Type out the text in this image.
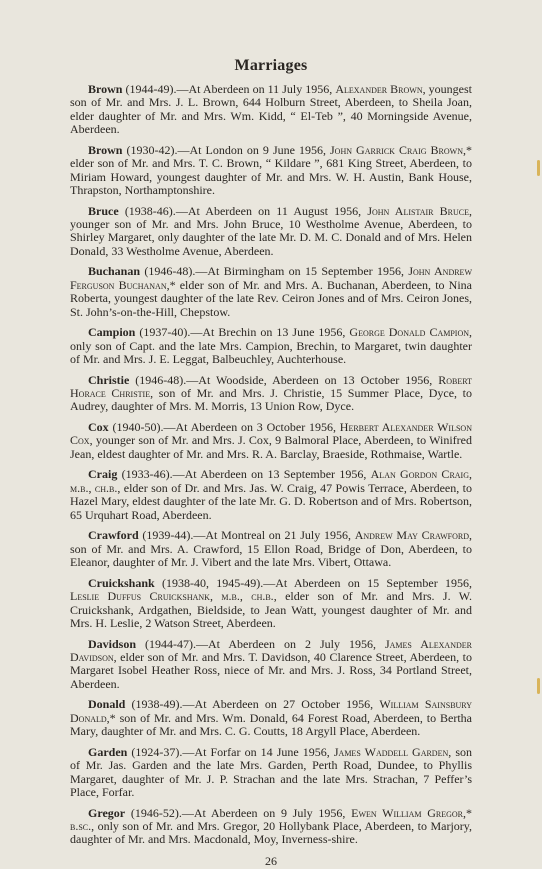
Marriages

Brown (1944-49).—At Aberdeen on 11 July 1956, Alexander Brown, youngest son of Mr. and Mrs. J. L. Brown, 644 Holburn Street, Aberdeen, to Sheila Joan, elder daughter of Mr. and Mrs. Wm. Kidd, “ El-Teb ”, 40 Morningside Avenue, Aberdeen.

Brown (1930-42).—At London on 9 June 1956, John Garrick Craig Brown,* elder son of Mr. and Mrs. T. C. Brown, “ Kildare ”, 681 King Street, Aberdeen, to Miriam Howard, youngest daughter of Mr. and Mrs. W. H. Austin, Bank House, Thrapston, Northamptonshire.

Bruce (1938-46).—At Aberdeen on 11 August 1956, John Alistair Bruce, younger son of Mr. and Mrs. John Bruce, 10 Westholme Avenue, Aberdeen, to Shirley Margaret, only daughter of the late Mr. D. M. C. Donald and of Mrs. Helen Donald, 33 Westholme Avenue, Aberdeen.

Buchanan (1946-48).—At Birmingham on 15 September 1956, John Andrew Ferguson Buchanan,* elder son of Mr. and Mrs. A. Buchanan, Aberdeen, to Nina Roberta, youngest daughter of the late Rev. Ceiron Jones and of Mrs. Ceiron Jones, St. John’s-on-the-Hill, Chepstow.

Campion (1937-40).—At Brechin on 13 June 1956, George Donald Campion, only son of Capt. and the late Mrs. Campion, Brechin, to Margaret, twin daughter of Mr. and Mrs. J. E. Leggat, Balbeuchley, Auchterhouse.

Christie (1946-48).—At Woodside, Aberdeen on 13 October 1956, Robert Horace Christie, son of Mr. and Mrs. J. Christie, 15 Summer Place, Dyce, to Audrey, daughter of Mrs. M. Morris, 13 Union Row, Dyce.

Cox (1940-50).—At Aberdeen on 3 October 1956, Herbert Alexander Wilson Cox, younger son of Mr. and Mrs. J. Cox, 9 Balmoral Place, Aberdeen, to Winifred Jean, eldest daughter of Mr. and Mrs. R. A. Barclay, Braeside, Rothmaise, Wartle.

Craig (1933-46).—At Aberdeen on 13 September 1956, Alan Gordon Craig, m.b., ch.b., elder son of Dr. and Mrs. Jas. W. Craig, 47 Powis Terrace, Aberdeen, to Hazel Mary, eldest daughter of the late Mr. G. D. Robertson and of Mrs. Robertson, 65 Urquhart Road, Aberdeen.

Crawford (1939-44).—At Montreal on 21 July 1956, Andrew May Crawford, son of Mr. and Mrs. A. Crawford, 15 Ellon Road, Bridge of Don, Aberdeen, to Eleanor, daughter of Mr. J. Vibert and the late Mrs. Vibert, Ottawa.

Cruickshank (1938-40, 1945-49).—At Aberdeen on 15 September 1956, Leslie Duffus Cruickshank, m.b., ch.b., elder son of Mr. and Mrs. J. W. Cruickshank, Ardgathen, Bieldside, to Jean Watt, youngest daughter of Mr. and Mrs. H. Leslie, 2 Watson Street, Aberdeen.

Davidson (1944-47).—At Aberdeen on 2 July 1956, James Alexander Davidson, elder son of Mr. and Mrs. T. Davidson, 40 Clarence Street, Aberdeen, to Margaret Isobel Heather Ross, niece of Mr. and Mrs. J. Ross, 34 Portland Street, Aberdeen.

Donald (1938-49).—At Aberdeen on 27 October 1956, William Sainsbury Donald,* son of Mr. and Mrs. Wm. Donald, 64 Forest Road, Aberdeen, to Bertha Mary, daughter of Mr. and Mrs. C. G. Coutts, 18 Argyll Place, Aberdeen.

Garden (1924-37).—At Forfar on 14 June 1956, James Waddell Garden, son of Mr. Jas. Garden and the late Mrs. Garden, Perth Road, Dundee, to Phyllis Margaret, daughter of Mr. J. P. Strachan and the late Mrs. Strachan, 7 Peffer’s Place, Forfar.

Gregor (1946-52).—At Aberdeen on 9 July 1956, Ewen William Gregor,* b.sc., only son of Mr. and Mrs. Gregor, 20 Hollybank Place, Aberdeen, to Marjory, daughter of Mr. and Mrs. Macdonald, Moy, Inverness-shire.

26
